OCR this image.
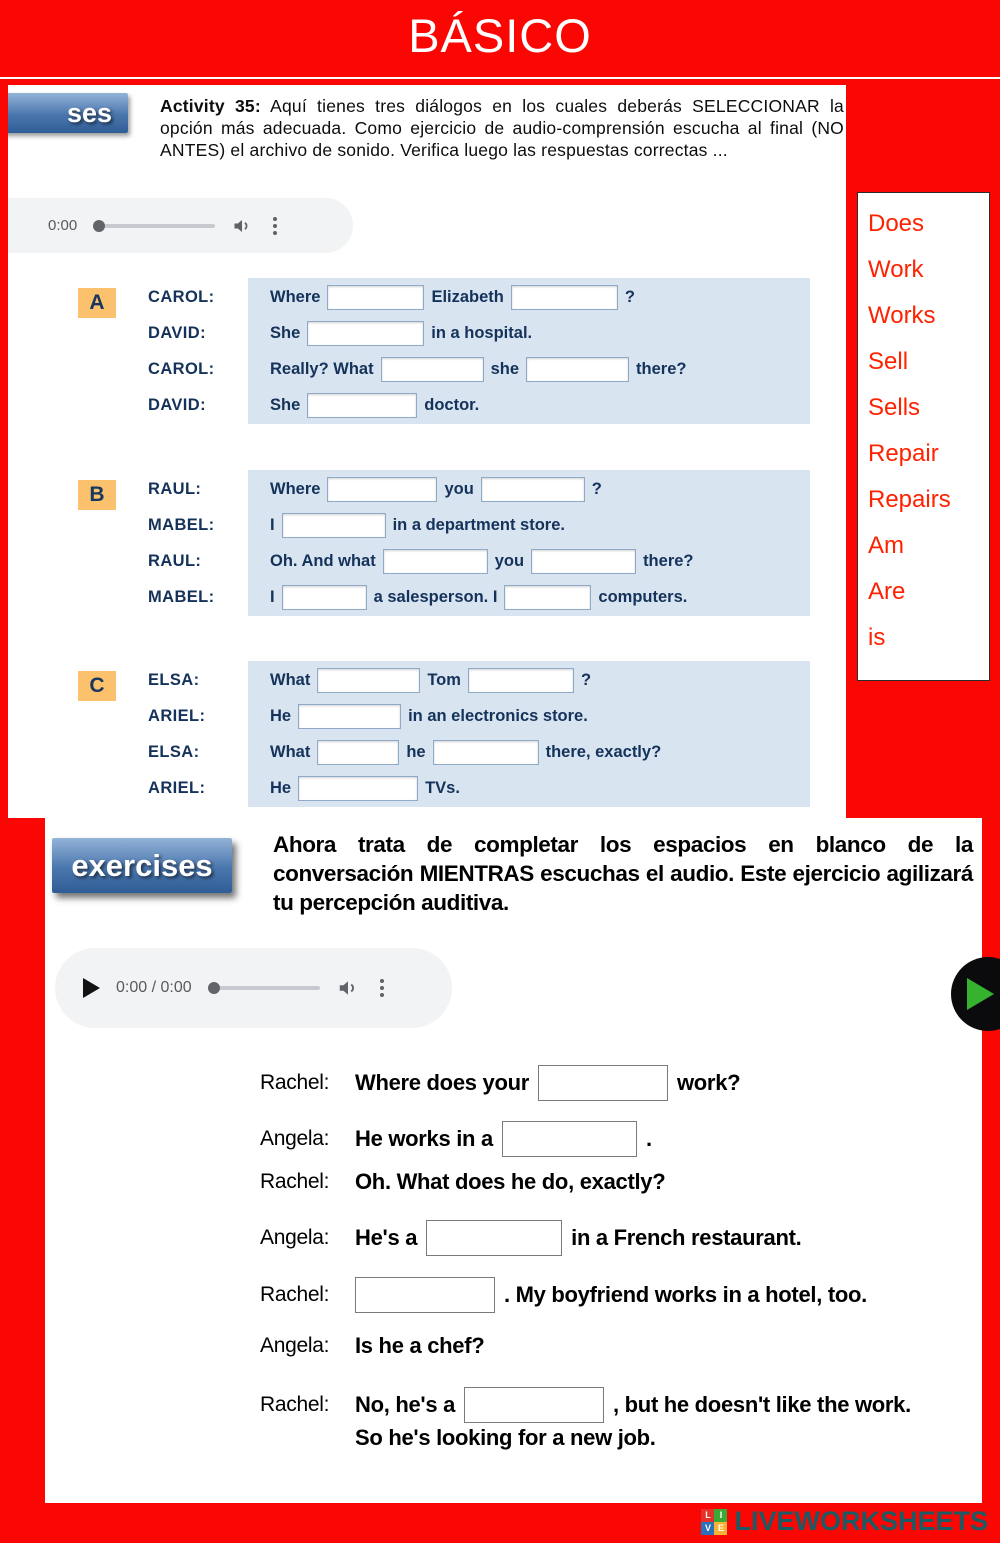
BÁSICO
ses	Activity 35: Aquí tienes tres diálogos en los cuales deberás SELECCIONAR la opción más adecuada. Como ejercicio de audio-comprensión escucha al final (NO ANTES) el archivo de sonido. Verifica luego las respuestas correctas ...

0:00
A	CAROL:	Where	Elizabeth	?
DAVID:	She	in a hospital.
CAROL:	Really? What	she	there?
DAVID:	She	doctor.
B	RAUL:	Where	you	?
MABEL:	I	in a department store.
RAUL:	Oh. And what	you	there?
MABEL:	I	a salesperson. I	computers.
C	ELSA:	What	Tom	?
ARIEL:	He	in an electronics store.
ELSA:	What	he	there, exactly?
ARIEL:	He	TVs.
Does
Work
Works
Sell
Sells
Repair
Repairs
Am
Are
is
exercises

Ahora trata de completar los espacios en blanco de la conversación MIENTRAS escuchas el audio. Este ejercicio agilizará tu percepción auditiva.

0:00 / 0:00
Rachel:	Where does your	work?
Angela:	He works in a	.
Rachel:	Oh. What does he do, exactly?
Angela:	He's a	in a French restaurant.
Rachel:	. My boyfriend works in a hotel, too.
Angela:	Is he a chef?
Rachel:	No, he's a	, but he doesn't like the work.
So he's looking for a new job.
L I
V E LIVEWORKSHEETS
